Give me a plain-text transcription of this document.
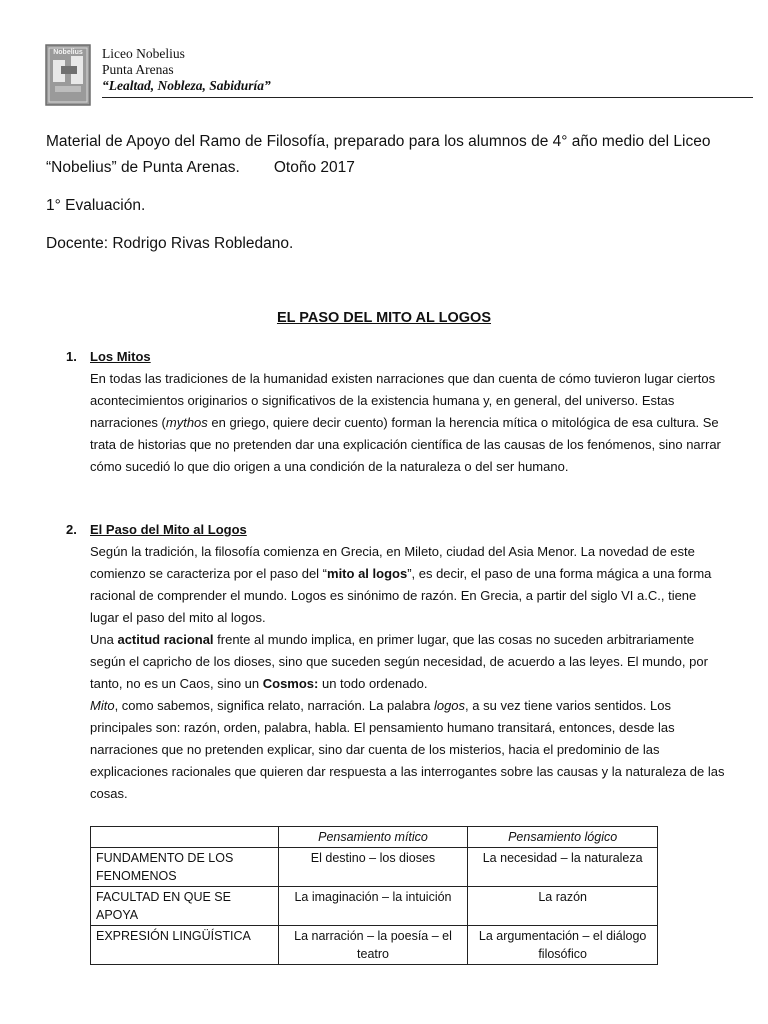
Nobelius Liceo Nobelius
Punta Arenas
“Lealtad, Nobleza, Sabiduría”
Material de Apoyo del Ramo de Filosofía, preparado para los alumnos de 4° año medio del Liceo “Nobelius” de Punta Arenas. Otoño 2017
1° Evaluación.
Docente: Rodrigo Rivas Robledano.
EL PASO DEL MITO AL LOGOS
1. Los Mitos
En todas las tradiciones de la humanidad existen narraciones que dan cuenta de cómo tuvieron lugar ciertos acontecimientos originarios o significativos de la existencia humana y, en general, del universo. Estas narraciones (mythos en griego, quiere decir cuento) forman la herencia mítica o mitológica de esa cultura. Se trata de historias que no pretenden dar una explicación científica de las causas de los fenómenos, sino narrar cómo sucedió lo que dio origen a una condición de la naturaleza o del ser humano.
2. El Paso del Mito al Logos
Según la tradición, la filosofía comienza en Grecia, en Mileto, ciudad del Asia Menor. La novedad de este comienzo se caracteriza por el paso del “mito al logos”, es decir, el paso de una forma mágica a una forma racional de comprender el mundo. Logos es sinónimo de razón. En Grecia, a partir del siglo VI a.C., tiene lugar el paso del mito al logos.
Una actitud racional frente al mundo implica, en primer lugar, que las cosas no suceden arbitrariamente según el capricho de los dioses, sino que suceden según necesidad, de acuerdo a las leyes. El mundo, por tanto, no es un Caos, sino un Cosmos: un todo ordenado.
Mito, como sabemos, significa relato, narración. La palabra logos, a su vez tiene varios sentidos. Los principales son: razón, orden, palabra, habla. El pensamiento humano transitará, entonces, desde las narraciones que no pretenden explicar, sino dar cuenta de los misterios, hacia el predominio de las explicaciones racionales que quieren dar respuesta a las interrogantes sobre las causas y la naturaleza de las cosas.
	Pensamiento mítico	Pensamiento lógico
FUNDAMENTO DE LOS FENOMENOS	El destino – los dioses	La necesidad – la naturaleza
FACULTAD EN QUE SE APOYA	La imaginación – la intuición	La razón
EXPRESIÓN LINGÜÍSTICA	La narración – la poesía – el teatro	La argumentación – el diálogo filosófico
